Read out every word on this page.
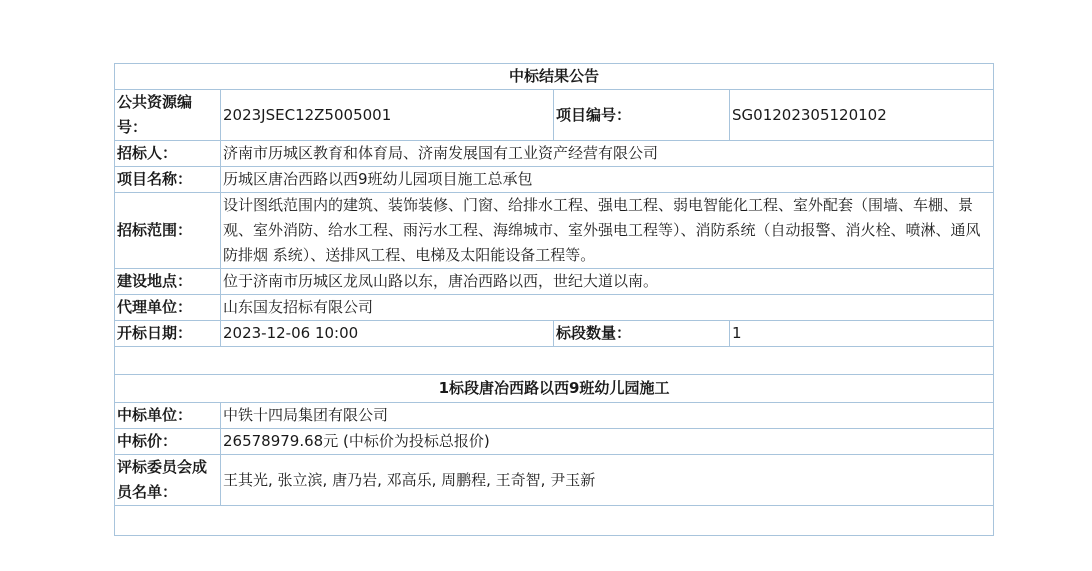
中标结果公告			
公共资源编号：	2023JSEC12Z5005001	项目编号：	SG01202305120102
招标人：	济南市历城区教育和体育局、济南发展国有工业资产经营有限公司		
项目名称：	历城区唐冶西路以西9班幼儿园项目施工总承包		
招标范围：	设计图纸范围内的建筑、装饰装修、门窗、给排水工程、强电工程、弱电智能化工程、室外配套（围墙、车棚、景观、室外消防、给水工程、雨污水工程、海绵城市、室外强电工程等）、消防系统（自动报警、消火栓、喷淋、通风防排烟 系统）、送排风工程、电梯及太阳能设备工程等。		
建设地点：	位于济南市历城区龙凤山路以东，唐冶西路以西，世纪大道以南。		
代理单位：	山东国友招标有限公司		
开标日期：	2023-12-06 10:00	标段数量：	1

1标段唐冶西路以西9班幼儿园施工			
中标单位：	中铁十四局集团有限公司		
中标价：	26578979.68元 (中标价为投标总报价)		
评标委员会成员名单：	王其光, 张立滨, 唐乃岩, 邓高乐, 周鹏程, 王奇智, 尹玉新		
